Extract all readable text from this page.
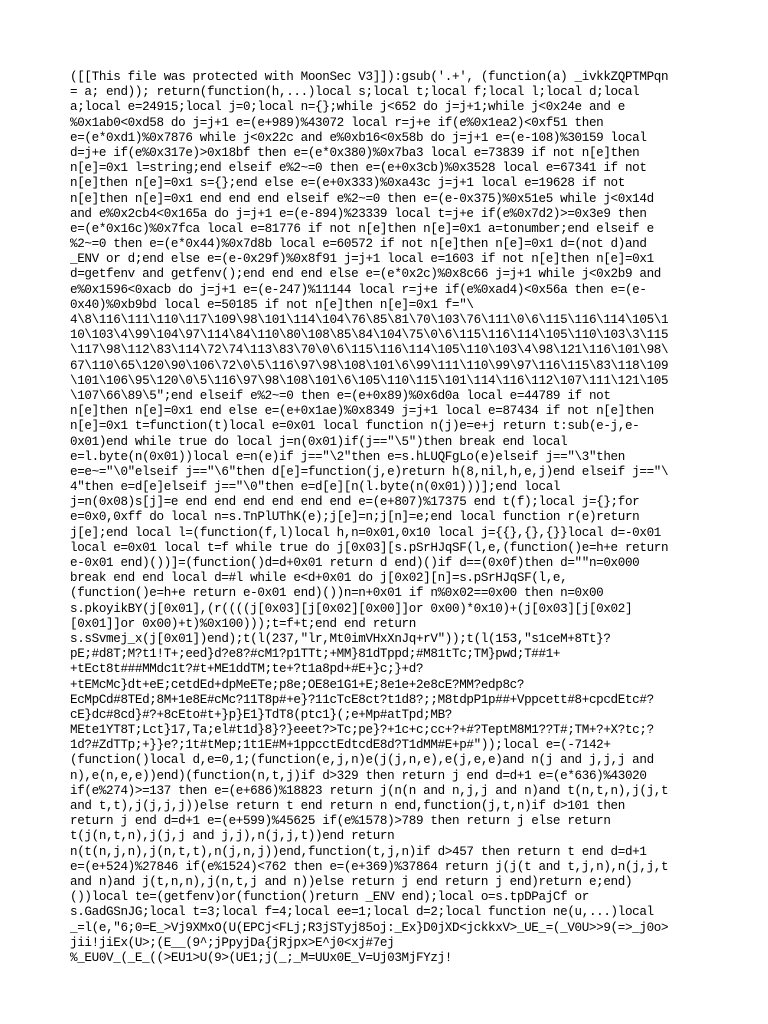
([[This file was protected with MoonSec V3]]):gsub('.+', (function(a) _ivkkZQPTMPqn
= a; end)); return(function(h,...)local s;local t;local f;local l;local d;local
a;local e=24915;local j=0;local n={};while j<652 do j=j+1;while j<0x24e and e
%0x1ab0<0xd58 do j=j+1 e=(e+989)%43072 local r=j+e if(e%0x1ea2)<0xf51 then
e=(e*0xd1)%0x7876 while j<0x22c and e%0xb16<0x58b do j=j+1 e=(e-108)%30159 local
d=j+e if(e%0x317e)>0x18bf then e=(e*0x380)%0x7ba3 local e=73839 if not n[e]then
n[e]=0x1 l=string;end elseif e%2~=0 then e=(e+0x3cb)%0x3528 local e=67341 if not
n[e]then n[e]=0x1 s={};end else e=(e+0x333)%0xa43c j=j+1 local e=19628 if not
n[e]then n[e]=0x1 end end end elseif e%2~=0 then e=(e-0x375)%0x51e5 while j<0x14d
and e%0x2cb4<0x165a do j=j+1 e=(e-894)%23339 local t=j+e if(e%0x7d2)>=0x3e9 then
e=(e*0x16c)%0x7fca local e=81776 if not n[e]then n[e]=0x1 a=tonumber;end elseif e
%2~=0 then e=(e*0x44)%0x7d8b local e=60572 if not n[e]then n[e]=0x1 d=(not d)and
_ENV or d;end else e=(e-0x29f)%0x8f91 j=j+1 local e=1603 if not n[e]then n[e]=0x1
d=getfenv and getfenv();end end end else e=(e*0x2c)%0x8c66 j=j+1 while j<0x2b9 and
e%0x1596<0xacb do j=j+1 e=(e-247)%11144 local r=j+e if(e%0xad4)<0x56a then e=(e-
0x40)%0xb9bd local e=50185 if not n[e]then n[e]=0x1 f="\
4\8\116\111\110\117\109\98\101\114\104\76\85\81\70\103\76\111\0\6\115\116\114\105\1
10\103\4\99\104\97\114\84\110\80\108\85\84\104\75\0\6\115\116\114\105\110\103\3\115
\117\98\112\83\114\72\74\113\83\70\0\6\115\116\114\105\110\103\4\98\121\116\101\98\
67\110\65\120\90\106\72\0\5\116\97\98\108\101\6\99\111\110\99\97\116\115\83\118\109
\101\106\95\120\0\5\116\97\98\108\101\6\105\110\115\101\114\116\112\107\111\121\105
\107\66\89\5";end elseif e%2~=0 then e=(e+0x89)%0x6d0a local e=44789 if not
n[e]then n[e]=0x1 end else e=(e+0x1ae)%0x8349 j=j+1 local e=87434 if not n[e]then
n[e]=0x1 t=function(t)local e=0x01 local function n(j)e=e+j return t:sub(e-j,e-
0x01)end while true do local j=n(0x01)if(j=="\5")then break end local
e=l.byte(n(0x01))local e=n(e)if j=="\2"then e=s.hLUQFgLo(e)elseif j=="\3"then
e=e~="\0"elseif j=="\6"then d[e]=function(j,e)return h(8,nil,h,e,j)end elseif j=="\
4"then e=d[e]elseif j=="\0"then e=d[e][n(l.byte(n(0x01)))];end local
j=n(0x08)s[j]=e end end end end end end e=(e+807)%17375 end t(f);local j={};for
e=0x0,0xff do local n=s.TnPlUThK(e);j[e]=n;j[n]=e;end local function r(e)return
j[e];end local l=(function(f,l)local h,n=0x01,0x10 local j={{},{},{}}local d=-0x01
local e=0x01 local t=f while true do j[0x03][s.pSrHJqSF(l,e,(function()e=h+e return
e-0x01 end)())]=(function()d=d+0x01 return d end)()if d==(0x0f)then d=""n=0x000
break end end local d=#l while e<d+0x01 do j[0x02][n]=s.pSrHJqSF(l,e,
(function()e=h+e return e-0x01 end)())n=n+0x01 if n%0x02==0x00 then n=0x00
s.pkoyikBY(j[0x01],(r((((j[0x03][j[0x02][0x00]]or 0x00)*0x10)+(j[0x03][j[0x02]
[0x01]]or 0x00)+t)%0x100)));t=f+t;end end return
s.sSvmej_x(j[0x01])end);t(l(237,"lr,Mt0imVHxXnJq+rV"));t(l(153,"s1ceM+8Tt}?
pE;#d8T;M?t1!T+;eed}d?e8?#cM1?p1TTt;+MM}81dTppd;#M81tTc;TM}pwd;T##1+
+tEct8t###MMdc1t?#t+ME1ddTM;te+?t1a8pd+#E+}c;}+d?
+tEMcMc}dt+eE;cetdEd+dpMeETe;p8e;OE8e1G1+E;8e1e+2e8cE?MM?edp8c?
EcMpCd#8TEd;8M+1e8E#cMc?11T8p#+e}?11cTcE8ct?t1d8?;;M8tdpP1p##+Vppcett#8+cpcdEtc#?
cE}dc#8cd}#?+8cEto#t+}p}E1}TdT8(ptc1}(;e+Mp#atTpd;MB?
MEte1YT8T;Lct}17,Ta;el#t1d}8}?}eeet?>Tc;pe}?+1c+c;cc+?+#?TeptM8M1??T#;TM+?+X?tc;?
1d?#ZdTTp;+}}e?;1t#tMep;1t1E#M+1ppcctEdtcdE8d?T1dMM#E+p#"));local e=(-7142+
(function()local d,e=0,1;(function(e,j,n)e(j(j,n,e),e(j,e,e)and n(j and j,j,j and
n),e(n,e,e))end)(function(n,t,j)if d>329 then return j end d=d+1 e=(e*636)%43020
if(e%274)>=137 then e=(e+686)%18823 return j(n(n and n,j,j and n)and t(n,t,n),j(j,t
and t,t),j(j,j,j))else return t end return n end,function(j,t,n)if d>101 then
return j end d=d+1 e=(e+599)%45625 if(e%1578)>789 then return j else return
t(j(n,t,n),j(j,j and j,j),n(j,j,t))end return
n(t(n,j,n),j(n,t,t),n(j,n,j))end,function(t,j,n)if d>457 then return t end d=d+1
e=(e+524)%27846 if(e%1524)<762 then e=(e+369)%37864 return j(j(t and t,j,n),n(j,j,t
and n)and j(t,n,n),j(n,t,j and n))else return j end return j end)return e;end)
())local te=(getfenv)or(function()return _ENV end);local o=s.tpDPajCf or
s.GadGSnJG;local t=3;local f=4;local ee=1;local d=2;local function ne(u,...)local
_=l(e,"6;0=E_>Vj9XMxO(U(EPCj<FLj;R3jSTyj85oj:_Ex}D0jXD<jckkxV>_UE_=(_V0U>>9(=>_j0o>
jii!jiEx(U>;(E__(9^;jPpyjDa{jRjpx>E^j0<xj#7ej
%_EU0V_(_E_((>EU1>U(9>(UE1;j(_;_M=UUx0E_V=Uj03MjFYzj!
